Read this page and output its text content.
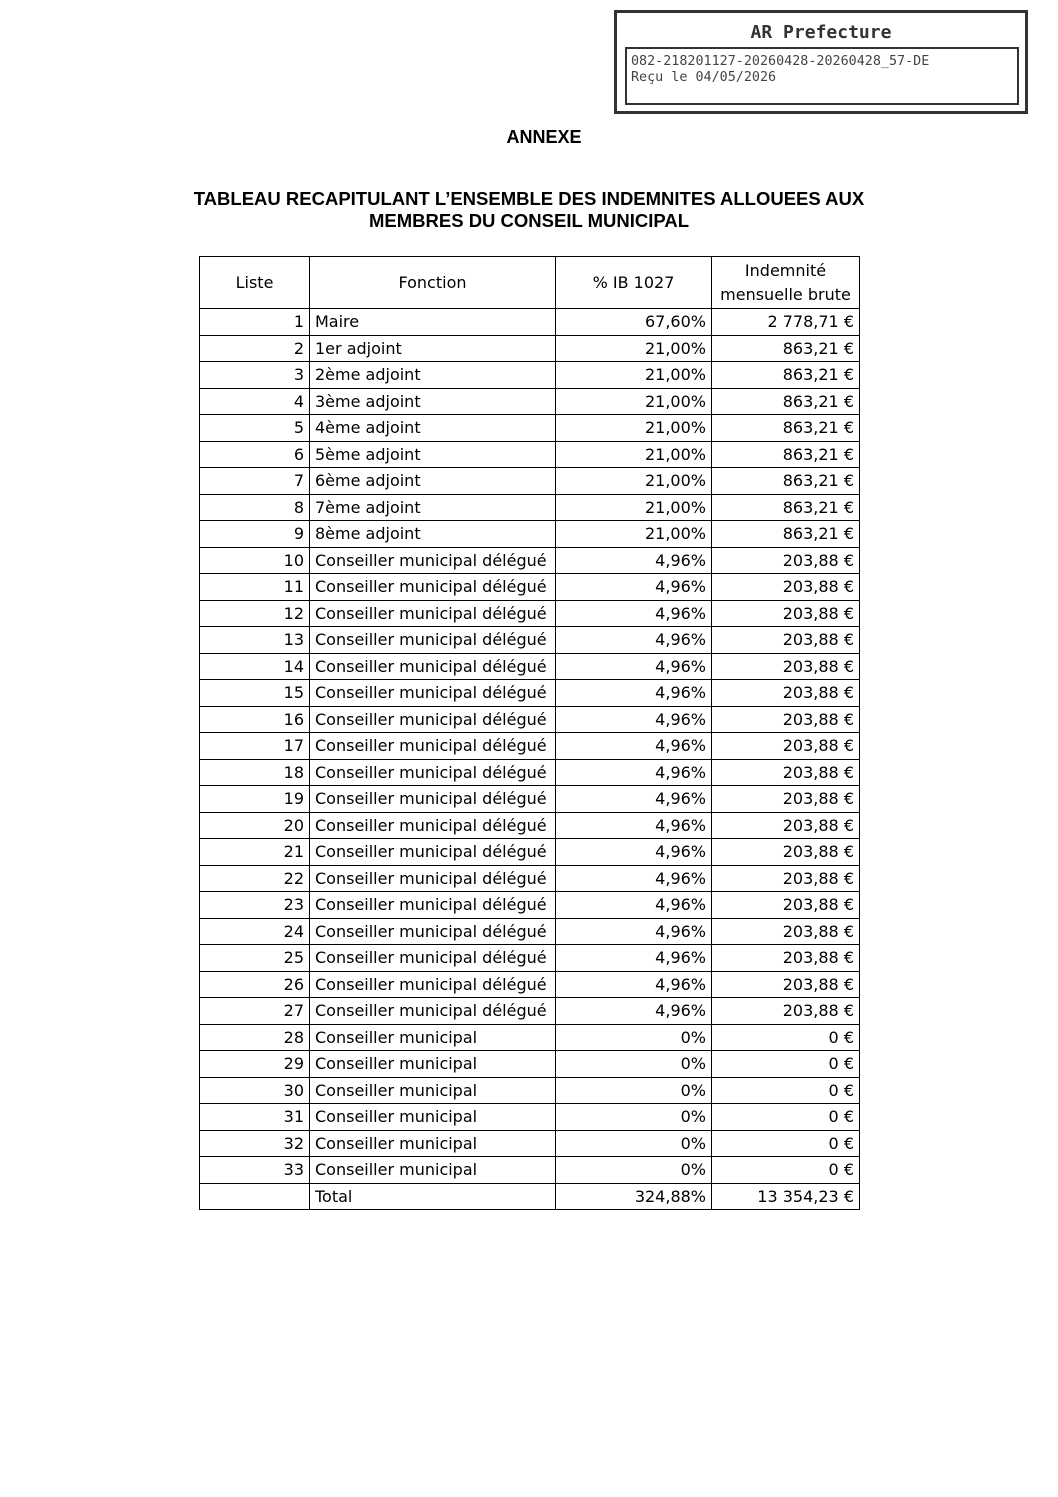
AR Prefecture
082-218201127-20260428-20260428_57-DE
Reçu le 04/05/2026
ANNEXE
TABLEAU RECAPITULANT L’ENSEMBLE DES INDEMNITES ALLOUEES AUX
MEMBRES DU CONSEIL MUNICIPAL
Liste	Fonction	% IB 1027	Indemnité
mensuelle brute

1	Maire	67,60%	2 778,71 €
2	1er adjoint	21,00%	863,21 €
3	2ème adjoint	21,00%	863,21 €
4	3ème adjoint	21,00%	863,21 €
5	4ème adjoint	21,00%	863,21 €
6	5ème adjoint	21,00%	863,21 €
7	6ème adjoint	21,00%	863,21 €
8	7ème adjoint	21,00%	863,21 €
9	8ème adjoint	21,00%	863,21 €
10	Conseiller municipal délégué	4,96%	203,88 €
11	Conseiller municipal délégué	4,96%	203,88 €
12	Conseiller municipal délégué	4,96%	203,88 €
13	Conseiller municipal délégué	4,96%	203,88 €
14	Conseiller municipal délégué	4,96%	203,88 €
15	Conseiller municipal délégué	4,96%	203,88 €
16	Conseiller municipal délégué	4,96%	203,88 €
17	Conseiller municipal délégué	4,96%	203,88 €
18	Conseiller municipal délégué	4,96%	203,88 €
19	Conseiller municipal délégué	4,96%	203,88 €
20	Conseiller municipal délégué	4,96%	203,88 €
21	Conseiller municipal délégué	4,96%	203,88 €
22	Conseiller municipal délégué	4,96%	203,88 €
23	Conseiller municipal délégué	4,96%	203,88 €
24	Conseiller municipal délégué	4,96%	203,88 €
25	Conseiller municipal délégué	4,96%	203,88 €
26	Conseiller municipal délégué	4,96%	203,88 €
27	Conseiller municipal délégué	4,96%	203,88 €
28	Conseiller municipal	0%	0 €
29	Conseiller municipal	0%	0 €
30	Conseiller municipal	0%	0 €
31	Conseiller municipal	0%	0 €
32	Conseiller municipal	0%	0 €
33	Conseiller municipal	0%	0 €
	Total	324,88%	13 354,23 €
